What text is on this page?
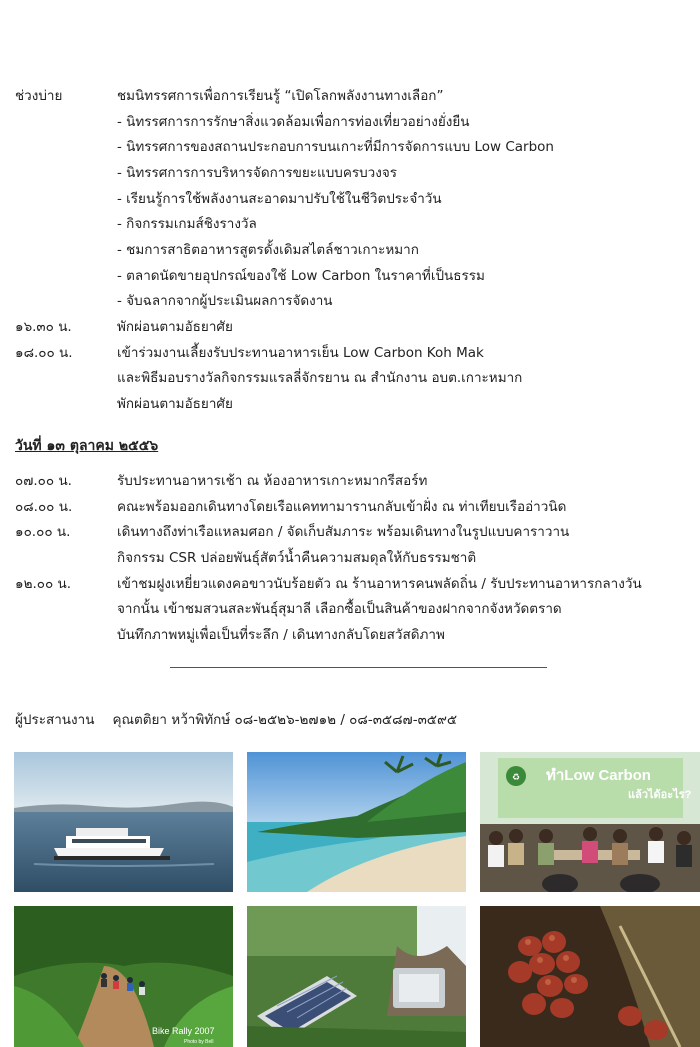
ช่วงบ่าย	ชมนิทรรศการเพื่อการเรียนรู้ “เปิดโลกพลังงานทางเลือก”
- นิทรรศการการรักษาสิ่งแวดล้อมเพื่อการท่องเที่ยวอย่างยั่งยืน
- นิทรรศการของสถานประกอบการบนเกาะที่มีการจัดการแบบ Low Carbon
- นิทรรศการการบริหารจัดการขยะแบบครบวงจร
- เรียนรู้การใช้พลังงานสะอาดมาปรับใช้ในชีวิตประจำวัน
- กิจกรรมเกมส์ชิงรางวัล
- ชมการสาธิตอาหารสูตรดั้งเดิมสไตล์ชาวเกาะหมาก
- ตลาดนัดขายอุปกรณ์ของใช้ Low Carbon ในราคาที่เป็นธรรม
- จับฉลากจากผู้ประเมินผลการจัดงาน
๑๖.๓๐ น.	พักผ่อนตามอัธยาศัย
๑๘.๐๐ น.	เข้าร่วมงานเลี้ยงรับประทานอาหารเย็น Low Carbon Koh Mak
และพิธีมอบรางวัลกิจกรรมแรลลี่จักรยาน ณ สำนักงาน อบต.เกาะหมาก
พักผ่อนตามอัธยาศัย
วันที่ ๑๓ ตุลาคม ๒๕๕๖
๐๗.๐๐ น.	รับประทานอาหารเช้า ณ ห้องอาหารเกาะหมากรีสอร์ท
๐๘.๐๐ น.	คณะพร้อมออกเดินทางโดยเรือแคททามารานกลับเข้าฝั่ง ณ ท่าเทียบเรืออ่าวนิด
๑๐.๐๐ น.	เดินทางถึงท่าเรือแหลมศอก / จัดเก็บสัมภาระ พร้อมเดินทางในรูปแบบคาราวาน
กิจกรรม CSR ปล่อยพันธุ์สัตว์น้ำคืนความสมดุลให้กับธรรมชาติ
๑๒.๐๐ น.	เข้าชมฝูงเหยี่ยวแดงคอขาวนับร้อยตัว ณ ร้านอาหารคนพลัดถิ่น / รับประทานอาหารกลางวัน
จากนั้น เข้าชมสวนสละพันธุ์สุมาลี เลือกซื้อเป็นสินค้าของฝากจากจังหวัดตราด
บันทึกภาพหมู่เพื่อเป็นที่ระลึก / เดินทางกลับโดยสวัสดิภาพ
ผู้ประสานงาน คุณตติยา หว้าพิทักษ์ ๐๘-๒๕๒๖-๒๗๑๒ / ๐๘-๓๕๘๗-๓๕๙๕
♻ ทำLow Carbon
แล้วได้อะไร?
Bike Rally 2007
Photo by Bell
